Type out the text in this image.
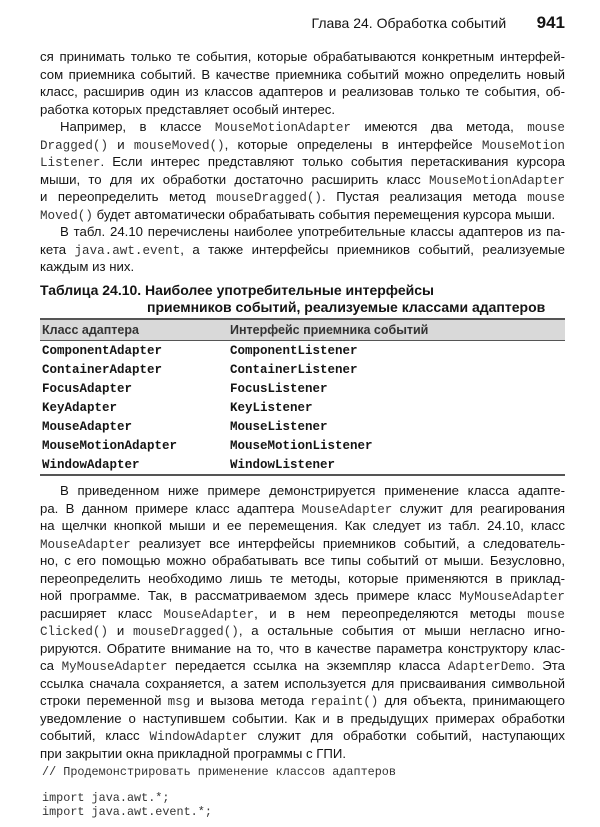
Глава 24. Обработка событий 941
ся принимать только те события, которые обрабатываются конкретным интерфей-
сом приемника событий. В качестве приемника событий можно определить новый
класс, расширив один из классов адаптеров и реализовав только те события, об-
работка которых представляет особый интерес.
Например, в классе MouseMotionAdapter имеются два метода, mouse
Dragged() и mouseMoved(), которые определены в интерфейсе MouseMotion
Listener. Если интерес представляют только события перетаскивания курсора
мыши, то для их обработки достаточно расширить класс MouseMotionAdapter
и переопределить метод mouseDragged(). Пустая реализация метода mouse
Moved() будет автоматически обрабатывать события перемещения курсора мыши.
В табл. 24.10 перечислены наиболее употребительные классы адаптеров из па-
кета java.awt.event, а также интерфейсы приемников событий, реализуемые
каждым из них.
Таблица 24.10. Наиболее употребительные интерфейсы
приемников событий, реализуемые классами адаптеров
Класс адаптера	Интерфейс приемника событий
ComponentAdapter	ComponentListener
ContainerAdapter	ContainerListener
FocusAdapter	FocusListener
KeyAdapter	KeyListener
MouseAdapter	MouseListener
MouseMotionAdapter	MouseMotionListener
WindowAdapter	WindowListener
В приведенном ниже примере демонстрируется применение класса адапте-
ра. В данном примере класс адаптера MouseAdapter служит для реагирования
на щелчки кнопкой мыши и ее перемещения. Как следует из табл. 24.10, класс
MouseAdapter реализует все интерфейсы приемников событий, а следователь-
но, с его помощью можно обрабатывать все типы событий от мыши. Безусловно,
переопределить необходимо лишь те методы, которые применяются в приклад-
ной программе. Так, в рассматриваемом здесь примере класс MyMouseAdapter
расширяет класс MouseAdapter, и в нем переопределяются методы mouse
Clicked() и mouseDragged(), а остальные события от мыши негласно игно-
рируются. Обратите внимание на то, что в качестве параметра конструктору клас-
са MyMouseAdapter передается ссылка на экземпляр класса AdapterDemo. Эта
ссылка сначала сохраняется, а затем используется для присваивания символьной
строки переменной msg и вызова метода repaint() для объекта, принимающего
уведомление о наступившем событии. Как и в предыдущих примерах обработки
событий, класс WindowAdapter служит для обработки событий, наступающих
при закрытии окна прикладной программы с ГПИ.
// Продемонстрировать применение классов адаптеров
import java.awt.*;
import java.awt.event.*;
